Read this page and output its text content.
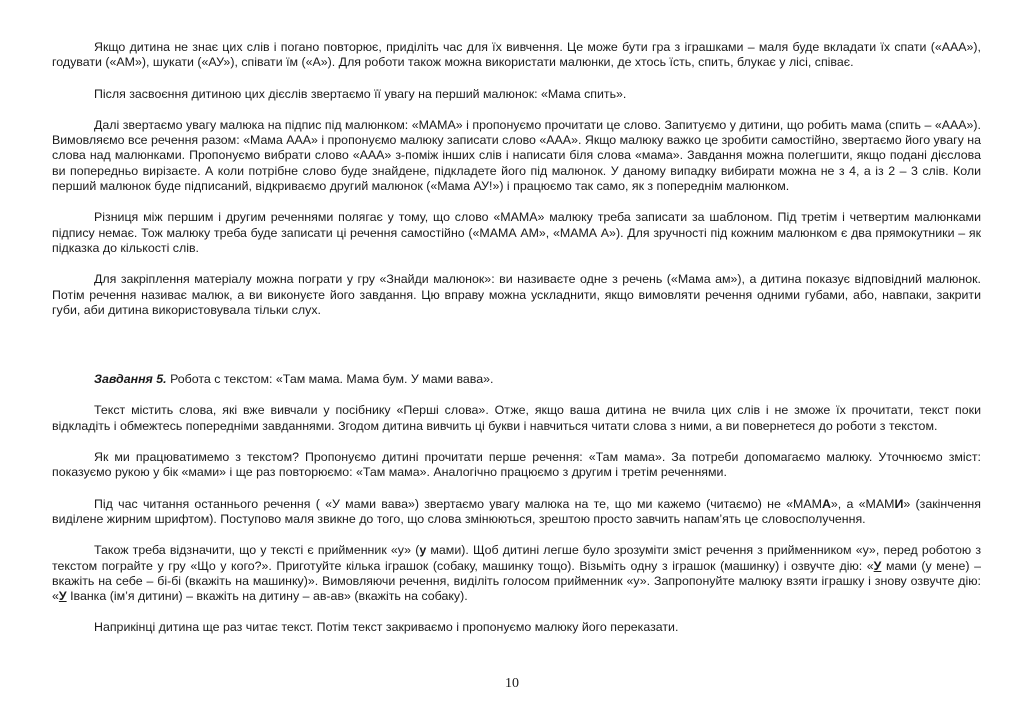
Якщо дитина не знає цих слів і погано повторює, приділіть час для їх вивчення. Це може бути гра з іграшками – маля буде вкладати їх спати («ААА»), годувати («АМ»), шукати («АУ»), співати їм («А»). Для роботи також можна використати малюнки, де хтось їсть, спить, блукає у лісі, співає.

Після засвоєння дитиною цих дієслів звертаємо її увагу на перший малюнок: «Мама спить».

Далі звертаємо увагу малюка на підпис під малюнком: «МАМА» і пропонуємо прочитати це слово. Запитуємо у дитини, що робить мама (спить – «ААА»). Вимовляємо все речення разом: «Мама ААА» і пропонуємо малюку записати слово «ААА». Якщо малюку важко це зробити самостійно, звертаємо його увагу на слова над малюнками. Пропонуємо вибрати слово «ААА» з-поміж інших слів і написати біля слова «мама». Завдання можна полегшити, якщо подані дієслова ви попередньо вирізаєте. А коли потрібне слово буде знайдене, підкладете його під малюнок. У даному випадку вибирати можна не з 4, а із 2 – 3 слів. Коли перший малюнок буде підписаний, відкриваємо другий малюнок («Мама АУ!») і працюємо так само, як з попереднім малюнком.

Різниця між першим і другим реченнями полягає у тому, що слово «МАМА» малюку треба записати за шаблоном. Під третім і четвертим малюнками підпису немає. Тож малюку треба буде записати ці речення самостійно («МАМА АМ», «МАМА А»). Для зручності під кожним малюнком є два прямокутники – як підказка до кількості слів.

Для закріплення матеріалу можна пограти у гру «Знайди малюнок»: ви називаєте одне з речень («Мама ам»), а дитина показує відповідний малюнок. Потім речення називає малюк, а ви виконуєте його завдання. Цю вправу можна ускладнити, якщо вимовляти речення одними губами, або, навпаки, закрити губи, аби дитина використовувала тільки слух.

Завдання 5. Робота с текстом: «Там мама. Мама бум. У мами вава».

Текст містить слова, які вже вивчали у посібнику «Перші слова». Отже, якщо ваша дитина не вчила цих слів і не зможе їх прочитати, текст поки відкладіть і обмежтесь попередніми завданнями. Згодом дитина вивчить ці букви і навчиться читати слова з ними, а ви повернетеся до роботи з текстом.

Як ми працюватимемо з текстом? Пропонуємо дитині прочитати перше речення: «Там мама». За потреби допомагаємо малюку. Уточнюємо зміст: показуємо рукою у бік «мами» і ще раз повторюємо: «Там мама». Аналогічно працюємо з другим і третім реченнями.

Під час читання останнього речення ( «У мами вава») звертаємо увагу малюка на те, що ми кажемо (читаємо) не «МАМА», а «МАМИ» (закінчення виділене жирним шрифтом). Поступово маля звикне до того, що слова змінюються, зрештою просто завчить напам’ять це словосполучення.

Також треба відзначити, що у тексті є прийменник «у» (у мами). Щоб дитині легше було зрозуміти зміст речення з прийменником «у», перед роботою з текстом пограйте у гру «Що у кого?». Приготуйте кілька іграшок (собаку, машинку тощо). Візьміть одну з іграшок (машинку) і озвучте дію: «У мами (у мене) – вкажіть на себе – бі-бі (вкажіть на машинку)». Вимовляючи речення, виділіть голосом прийменник «у». Запропонуйте малюку взяти іграшку і знову озвучте дію: «У Іванка (ім’я дитини) – вкажіть на дитину – ав-ав» (вкажіть на собаку).

Наприкінці дитина ще раз читає текст. Потім текст закриваємо і пропонуємо малюку його переказати.

10
